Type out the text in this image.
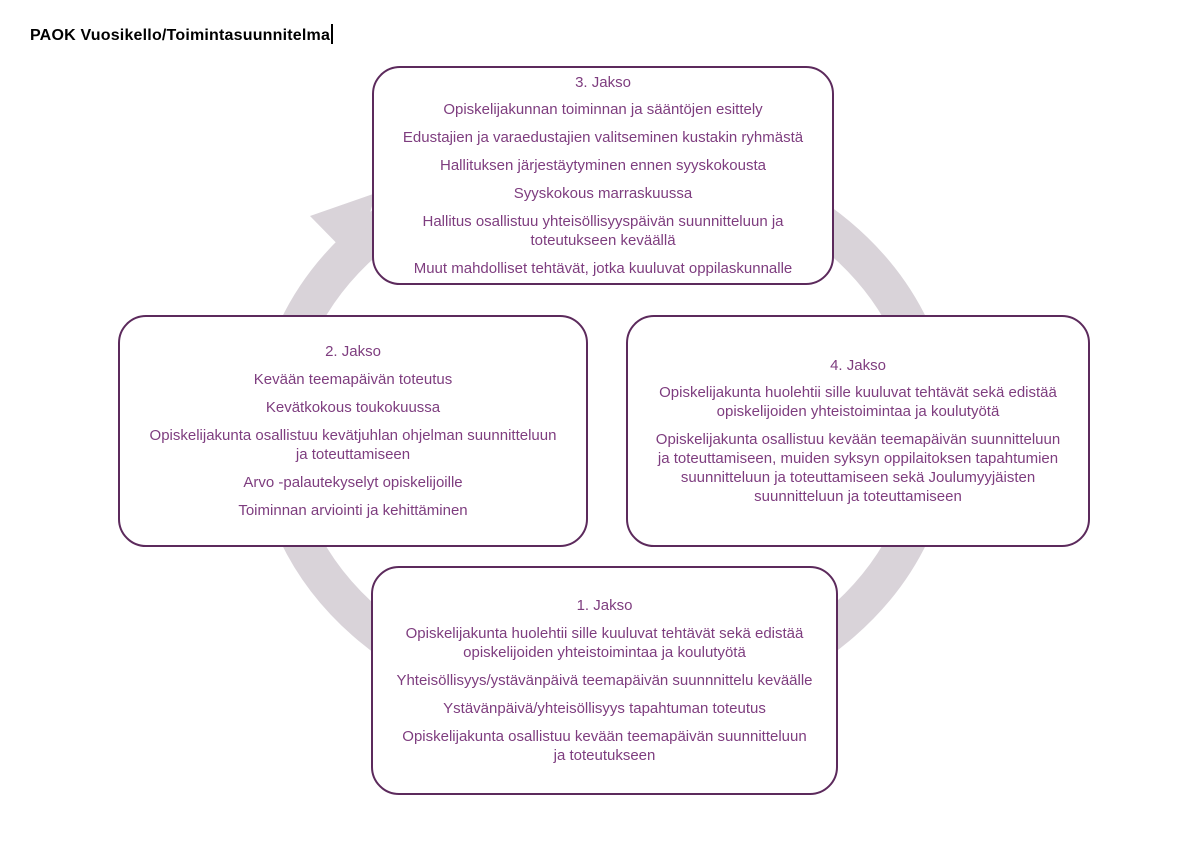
PAOK Vuosikello/Toimintasuunnitelma
3. Jakso
Opiskelijakunnan toiminnan ja sääntöjen esittely
Edustajien ja varaedustajien valitseminen kustakin ryhmästä
Hallituksen järjestäytyminen ennen syyskokousta
Syyskokous marraskuussa
Hallitus osallistuu yhteisöllisyyspäivän suunnitteluun ja toteutukseen keväällä
Muut mahdolliset tehtävät, jotka kuuluvat oppilaskunnalle
2. Jakso
Kevään teemapäivän toteutus
Kevätkokous toukokuussa
Opiskelijakunta osallistuu kevätjuhlan ohjelman suunnitteluun ja toteuttamiseen
Arvo -palautekyselyt opiskelijoille
Toiminnan arviointi ja kehittäminen
4. Jakso
Opiskelijakunta huolehtii sille kuuluvat tehtävät sekä edistää opiskelijoiden yhteistoimintaa ja koulutyötä
Opiskelijakunta osallistuu kevään teemapäivän suunnitteluun ja toteuttamiseen, muiden syksyn oppilaitoksen tapahtumien suunnitteluun ja toteuttamiseen sekä Joulumyyjäisten suunnitteluun ja toteuttamiseen
1. Jakso
Opiskelijakunta huolehtii sille kuuluvat tehtävät sekä edistää opiskelijoiden yhteistoimintaa ja koulutyötä
Yhteisöllisyys/ystävänpäivä teemapäivän suunnnittelu keväälle
Ystävänpäivä/yhteisöllisyys tapahtuman toteutus
Opiskelijakunta osallistuu kevään teemapäivän suunnitteluun ja toteutukseen
